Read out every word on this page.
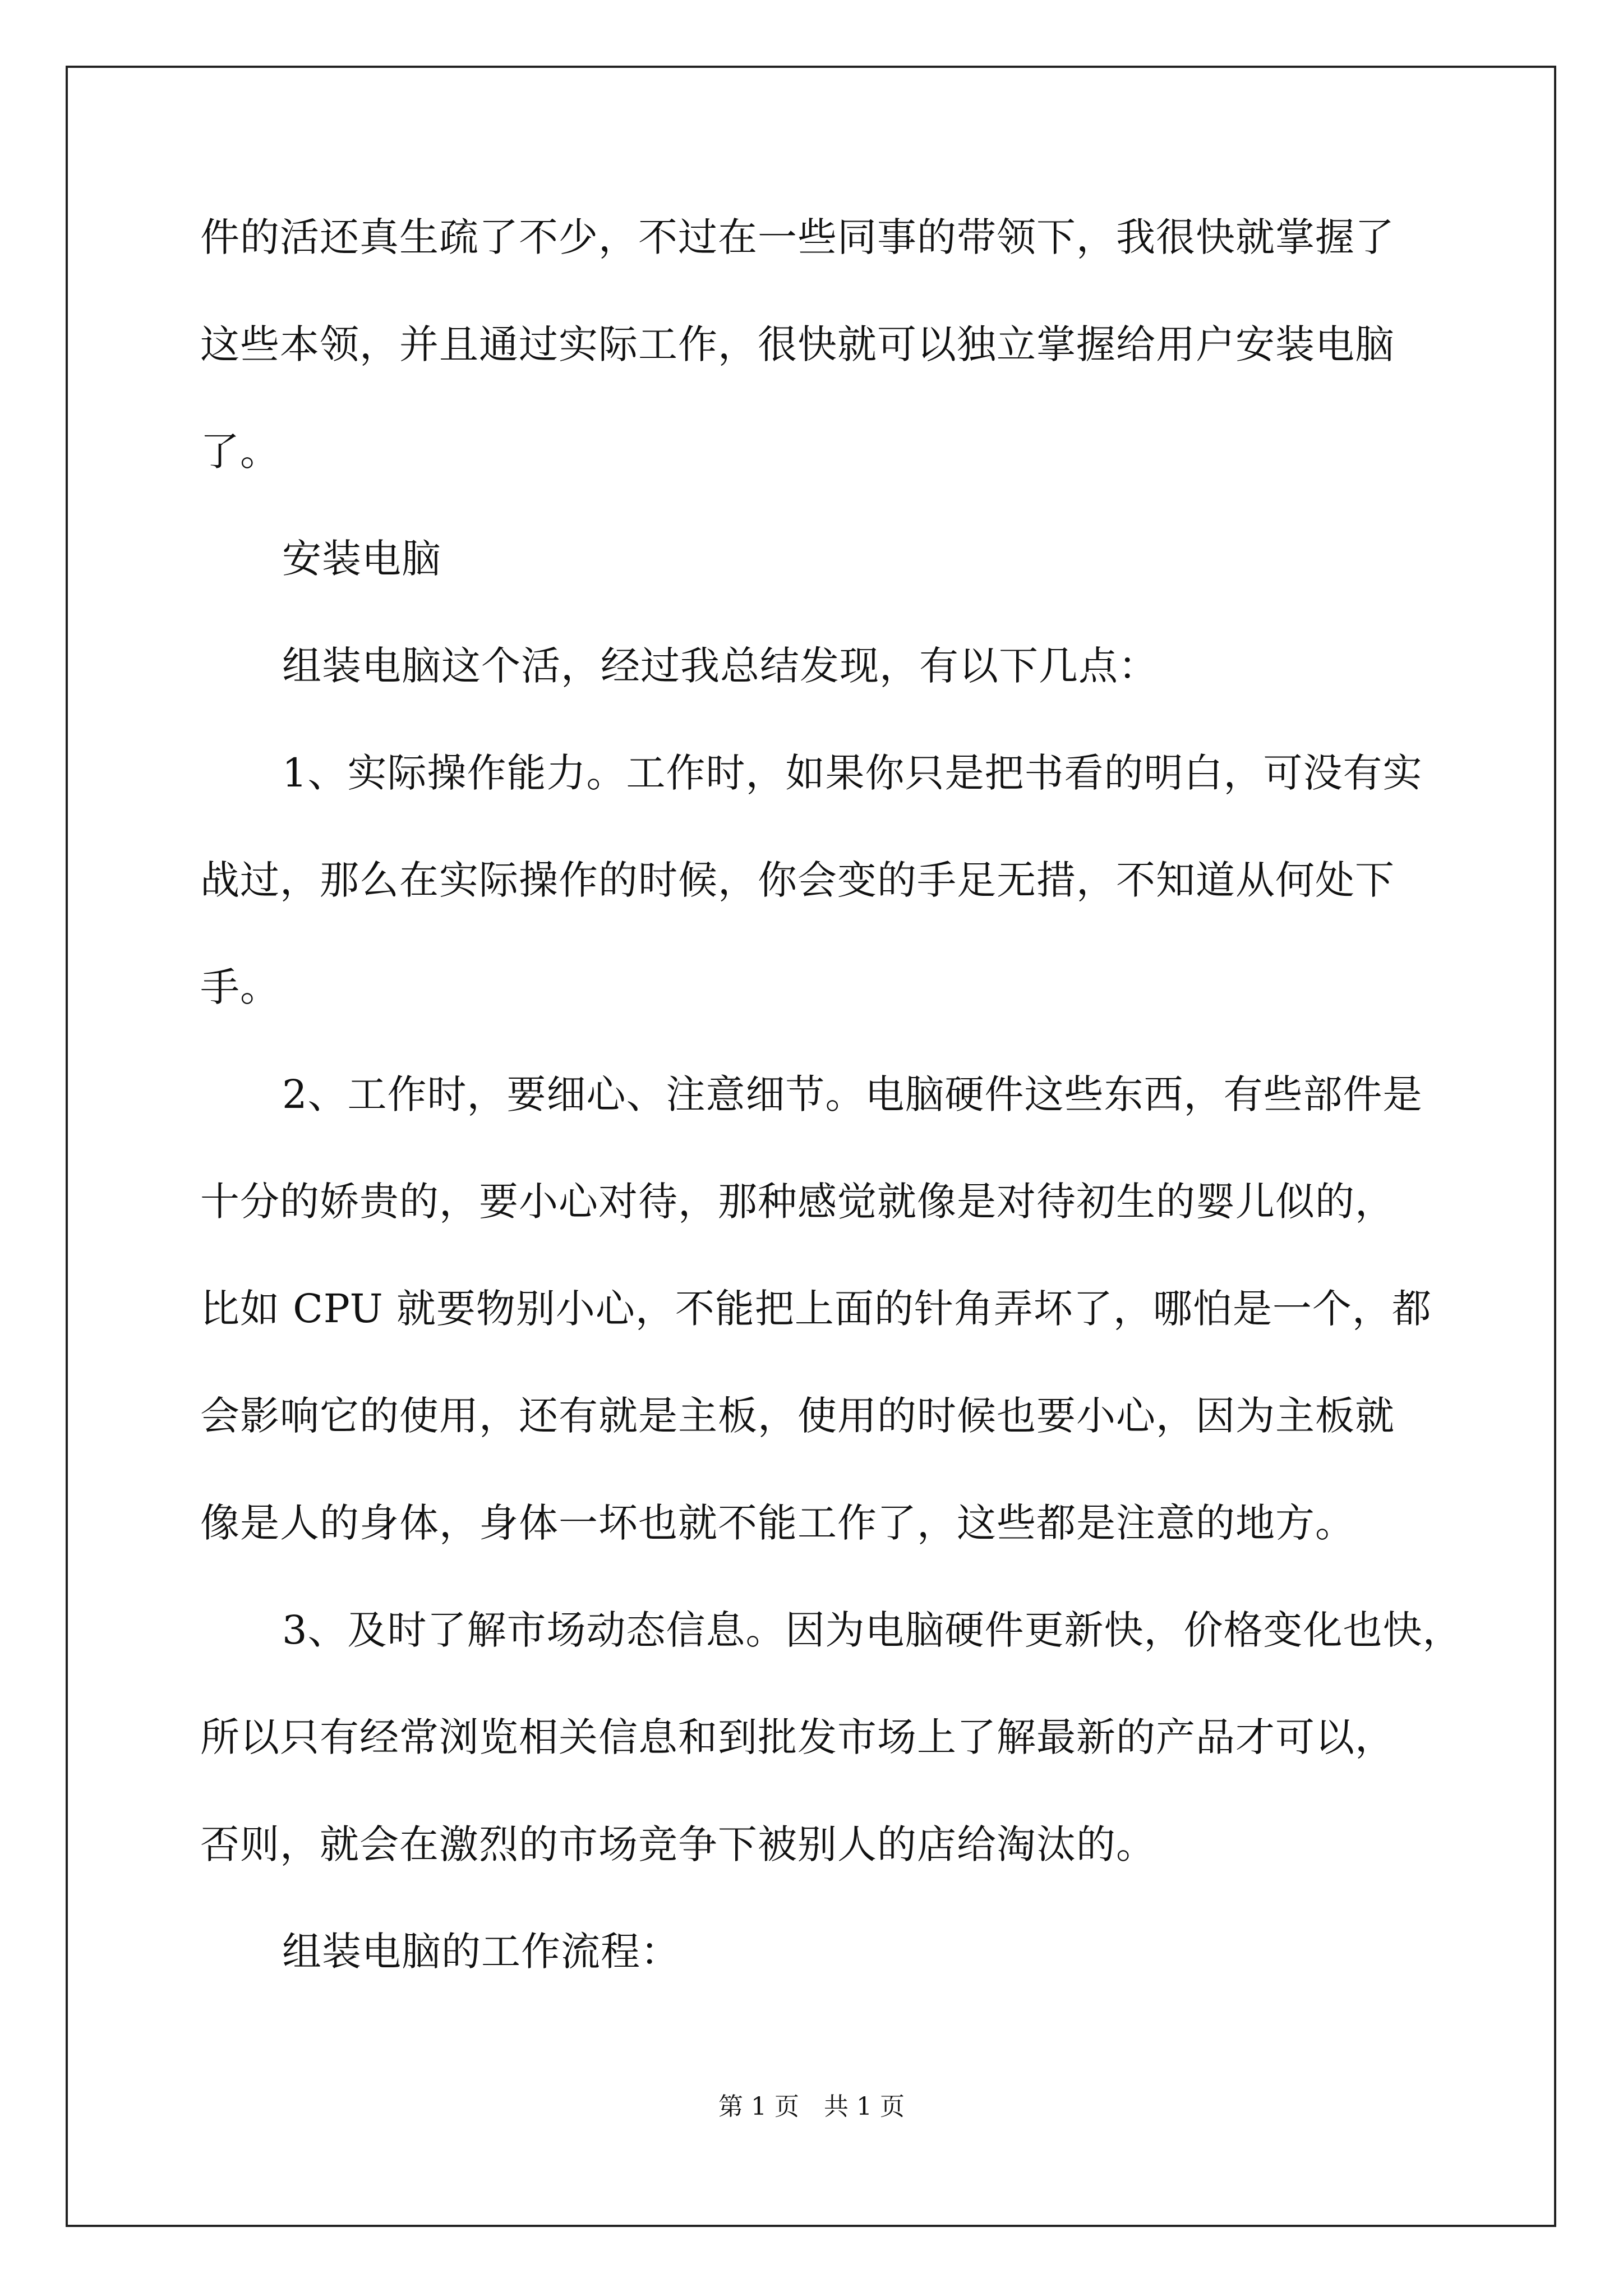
件的活还真生疏了不少，不过在一些同事的带领下，我很快就掌握了
这些本领，并且通过实际工作，很快就可以独立掌握给用户安装电脑
了。
安装电脑
组装电脑这个活，经过我总结发现，有以下几点：
1、实际操作能力。工作时，如果你只是把书看的明白，可没有实
战过，那么在实际操作的时候，你会变的手足无措，不知道从何处下
手。
2、工作时，要细心、注意细节。电脑硬件这些东西，有些部件是
十分的娇贵的，要小心对待，那种感觉就像是对待初生的婴儿似的，
比如 CPU 就要物别小心，不能把上面的针角弄坏了，哪怕是一个，都
会影响它的使用，还有就是主板，使用的时候也要小心，因为主板就
像是人的身体，身体一坏也就不能工作了，这些都是注意的地方。
3、及时了解市场动态信息。因为电脑硬件更新快，价格变化也快，
所以只有经常浏览相关信息和到批发市场上了解最新的产品才可以，
否则，就会在激烈的市场竞争下被别人的店给淘汰的。
组装电脑的工作流程：
第 1 页　共 1 页
